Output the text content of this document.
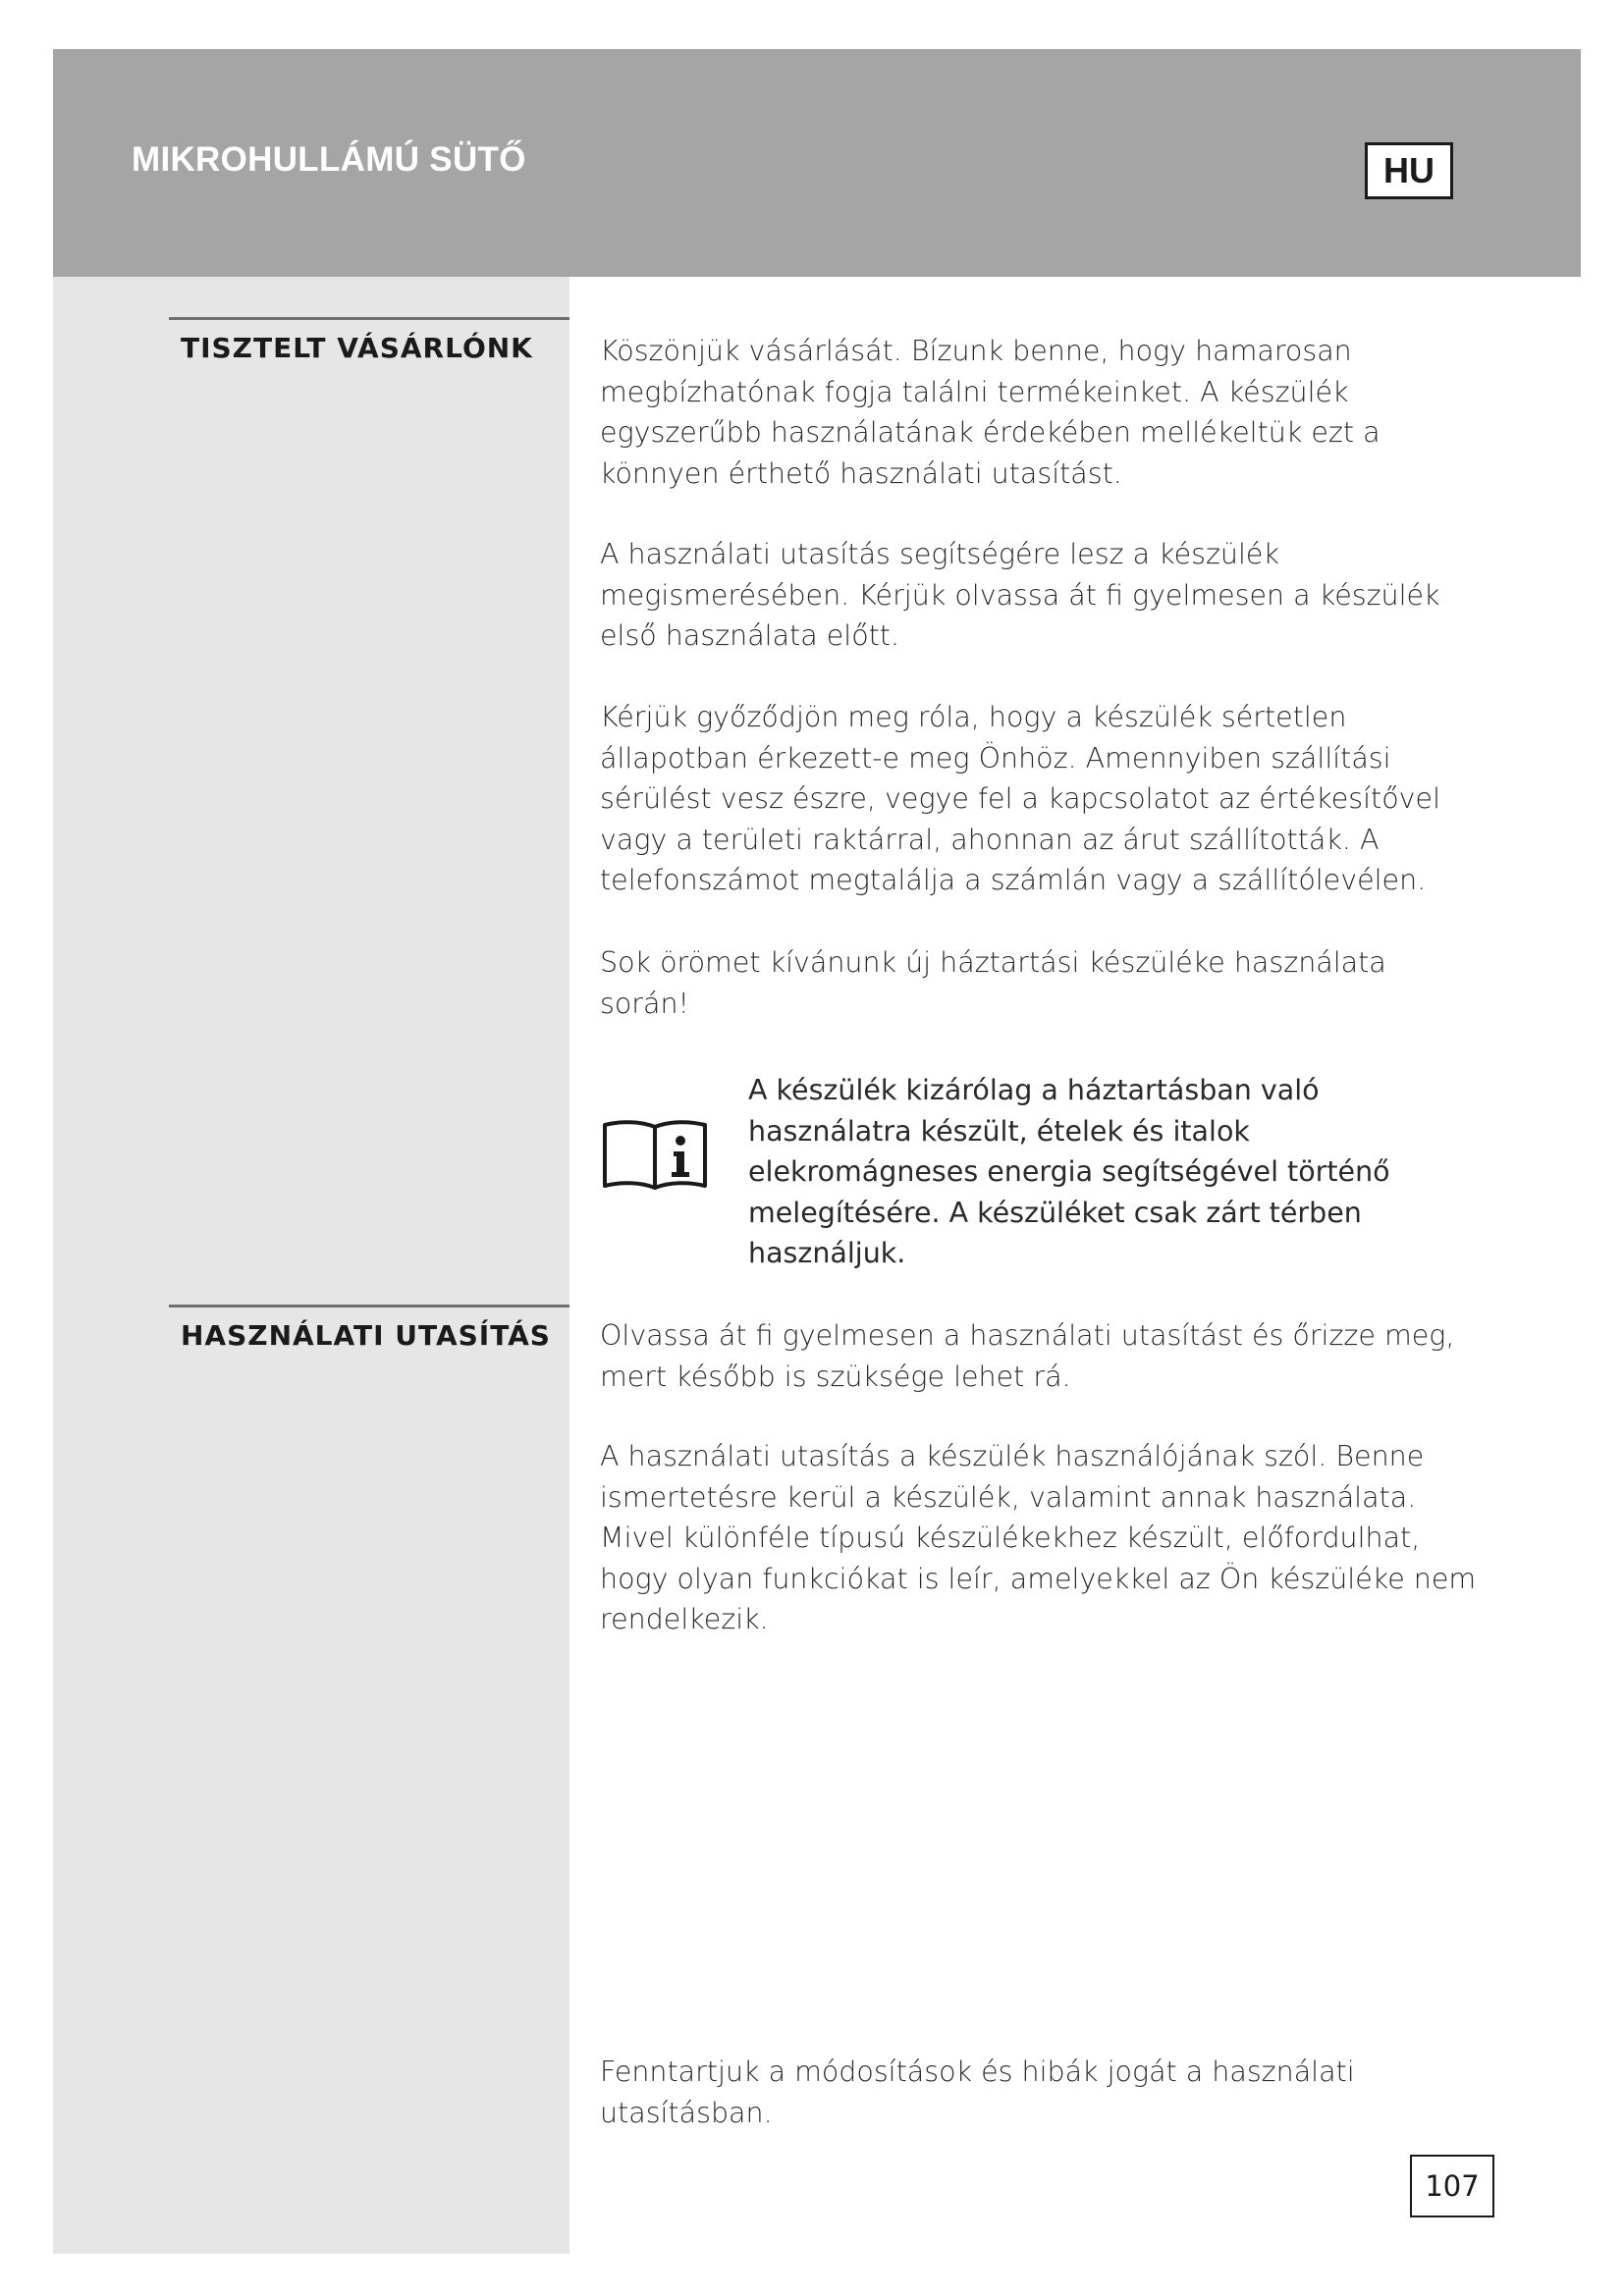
MIKROHULLÁMÚ SÜTŐ	HU
TISZTELT VÁSÁRLÓNK Köszönjük vásárlását. Bízunk benne, hogy hamarosan megbízhatónak fogja találni termékeinket. A készülék egyszerűbb használatának érdekében mellékeltük ezt a könnyen érthető használati utasítást.

A használati utasítás segítségére lesz a készülék megismerésében. Kérjük olvassa át fi gyelmesen a készülék első használata előtt.

Kérjük győződjön meg róla, hogy a készülék sértetlen állapotban érkezett-e meg Önhöz. Amennyiben szállítási sérülést vesz észre, vegye fel a kapcsolatot az értékesítővel vagy a területi raktárral, ahonnan az árut szállították. A telefonszámot megtalálja a számlán vagy a szállítólevélen.

Sok örömet kívánunk új háztartási készüléke használata során!

A készülék kizárólag a háztartásban való használatra készült, ételek és italok elekromágneses energia segítségével történő melegítésére. A készüléket csak zárt térben használjuk.

HASZNÁLATI UTASÍTÁS Olvassa át fi gyelmesen a használati utasítást és őrizze meg, mert később is szüksége lehet rá.

A használati utasítás a készülék használójának szól. Benne ismertetésre kerül a készülék, valamint annak használata. Mivel különféle típusú készülékekhez készült, előfordulhat, hogy olyan funkciókat is leír, amelyekkel az Ön készüléke nem rendelkezik.

Fenntartjuk a módosítások és hibák jogát a használati utasításban.

107
